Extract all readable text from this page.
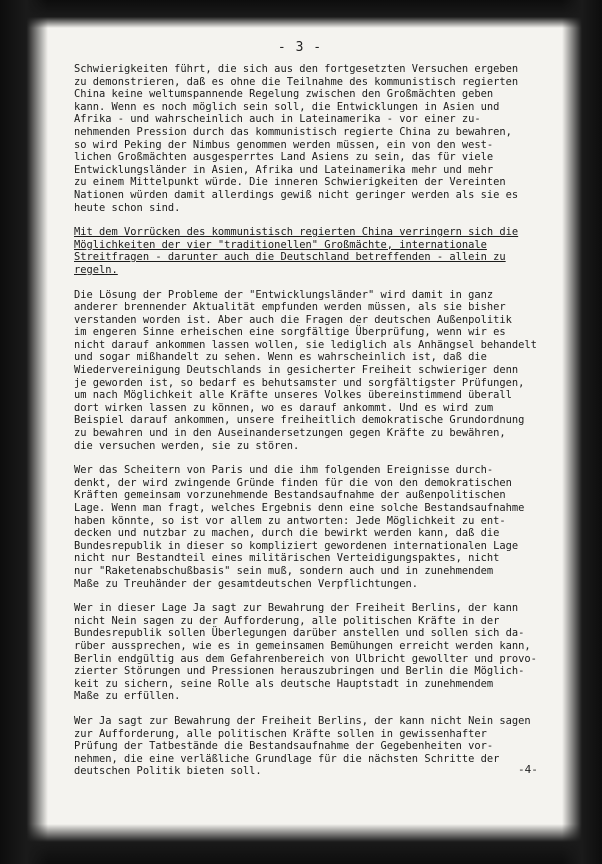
- 3 -
Schwierigkeiten führt, die sich aus den fortgesetzten Versuchen ergeben
zu demonstrieren, daß es ohne die Teilnahme des kommunistisch regierten
China keine weltumspannende Regelung zwischen den Großmächten geben
kann. Wenn es noch möglich sein soll, die Entwicklungen in Asien und
Afrika - und wahrscheinlich auch in Lateinamerika - vor einer zu-
nehmenden Pression durch das kommunistisch regierte China zu bewahren,
so wird Peking der Nimbus genommen werden müssen, ein von den west-
lichen Großmächten ausgesperrtes Land Asiens zu sein, das für viele
Entwicklungsländer in Asien, Afrika und Lateinamerika mehr und mehr
zu einem Mittelpunkt würde. Die inneren Schwierigkeiten der Vereinten
Nationen würden damit allerdings gewiß nicht geringer werden als sie es
heute schon sind.
Mit dem Vorrücken des kommunistisch regierten China verringern sich die
Möglichkeiten der vier "traditionellen" Großmächte, internationale
Streitfragen - darunter auch die Deutschland betreffenden - allein zu
regeln.
Die Lösung der Probleme der "Entwicklungsländer" wird damit in ganz
anderer brennender Aktualität empfunden werden müssen, als sie bisher
verstanden worden ist. Aber auch die Fragen der deutschen Außenpolitik
im engeren Sinne erheischen eine sorgfältige Überprüfung, wenn wir es
nicht darauf ankommen lassen wollen, sie lediglich als Anhängsel behandelt
und sogar mißhandelt zu sehen. Wenn es wahrscheinlich ist, daß die
Wiedervereinigung Deutschlands in gesicherter Freiheit schwieriger denn
je geworden ist, so bedarf es behutsamster und sorgfältigster Prüfungen,
um nach Möglichkeit alle Kräfte unseres Volkes übereinstimmend überall
dort wirken lassen zu können, wo es darauf ankommt. Und es wird zum
Beispiel darauf ankommen, unsere freiheitlich demokratische Grundordnung
zu bewahren und in den Auseinandersetzungen gegen Kräfte zu bewähren,
die versuchen werden, sie zu stören.
Wer das Scheitern von Paris und die ihm folgenden Ereignisse durch-
denkt, der wird zwingende Gründe finden für die von den demokratischen
Kräften gemeinsam vorzunehmende Bestandsaufnahme der außenpolitischen
Lage. Wenn man fragt, welches Ergebnis denn eine solche Bestandsaufnahme
haben könnte, so ist vor allem zu antworten: Jede Möglichkeit zu ent-
decken und nutzbar zu machen, durch die bewirkt werden kann, daß die
Bundesrepublik in dieser so kompliziert gewordenen internationalen Lage
nicht nur Bestandteil eines militärischen Verteidigungspaktes, nicht
nur "Raketenabschußbasis" sein muß, sondern auch und in zunehmendem
Maße zu Treuhänder der gesamtdeutschen Verpflichtungen.
Wer in dieser Lage Ja sagt zur Bewahrung der Freiheit Berlins, der kann
nicht Nein sagen zu der Aufforderung, alle politischen Kräfte in der
Bundesrepublik sollen Überlegungen darüber anstellen und sollen sich da-
rüber aussprechen, wie es in gemeinsamen Bemühungen erreicht werden kann,
Berlin endgültig aus dem Gefahrenbereich von Ulbricht gewollter und provo-
zierter Störungen und Pressionen herauszubringen und Berlin die Möglich-
keit zu sichern, seine Rolle als deutsche Hauptstadt in zunehmendem
Maße zu erfüllen.
Wer Ja sagt zur Bewahrung der Freiheit Berlins, der kann nicht Nein sagen
zur Aufforderung, alle politischen Kräfte sollen in gewissenhafter
Prüfung der Tatbestände die Bestandsaufnahme der Gegebenheiten vor-
nehmen, die eine verläßliche Grundlage für die nächsten Schritte der
deutschen Politik bieten soll.	-4-
